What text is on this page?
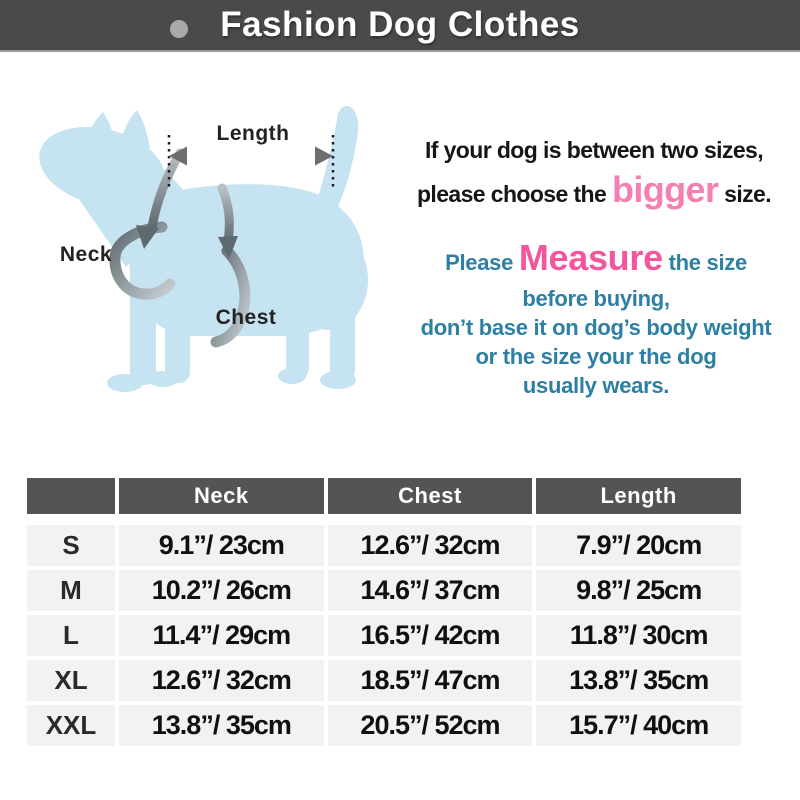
Fashion Dog Clothes
Length
Neck
Chest
If your dog is between two sizes,
please choose the bigger size.
Please Measure the size
before buying,
don’t base it on dog’s body weight
or the size your the dog
usually wears.
	Neck	Chest	Length

S	9.1”/ 23cm	12.6”/ 32cm	7.9”/ 20cm
M	10.2”/ 26cm	14.6”/ 37cm	9.8”/ 25cm
L	11.4”/ 29cm	16.5”/ 42cm	11.8”/ 30cm
XL	12.6”/ 32cm	18.5”/ 47cm	13.8”/ 35cm
XXL	13.8”/ 35cm	20.5”/ 52cm	15.7”/ 40cm
